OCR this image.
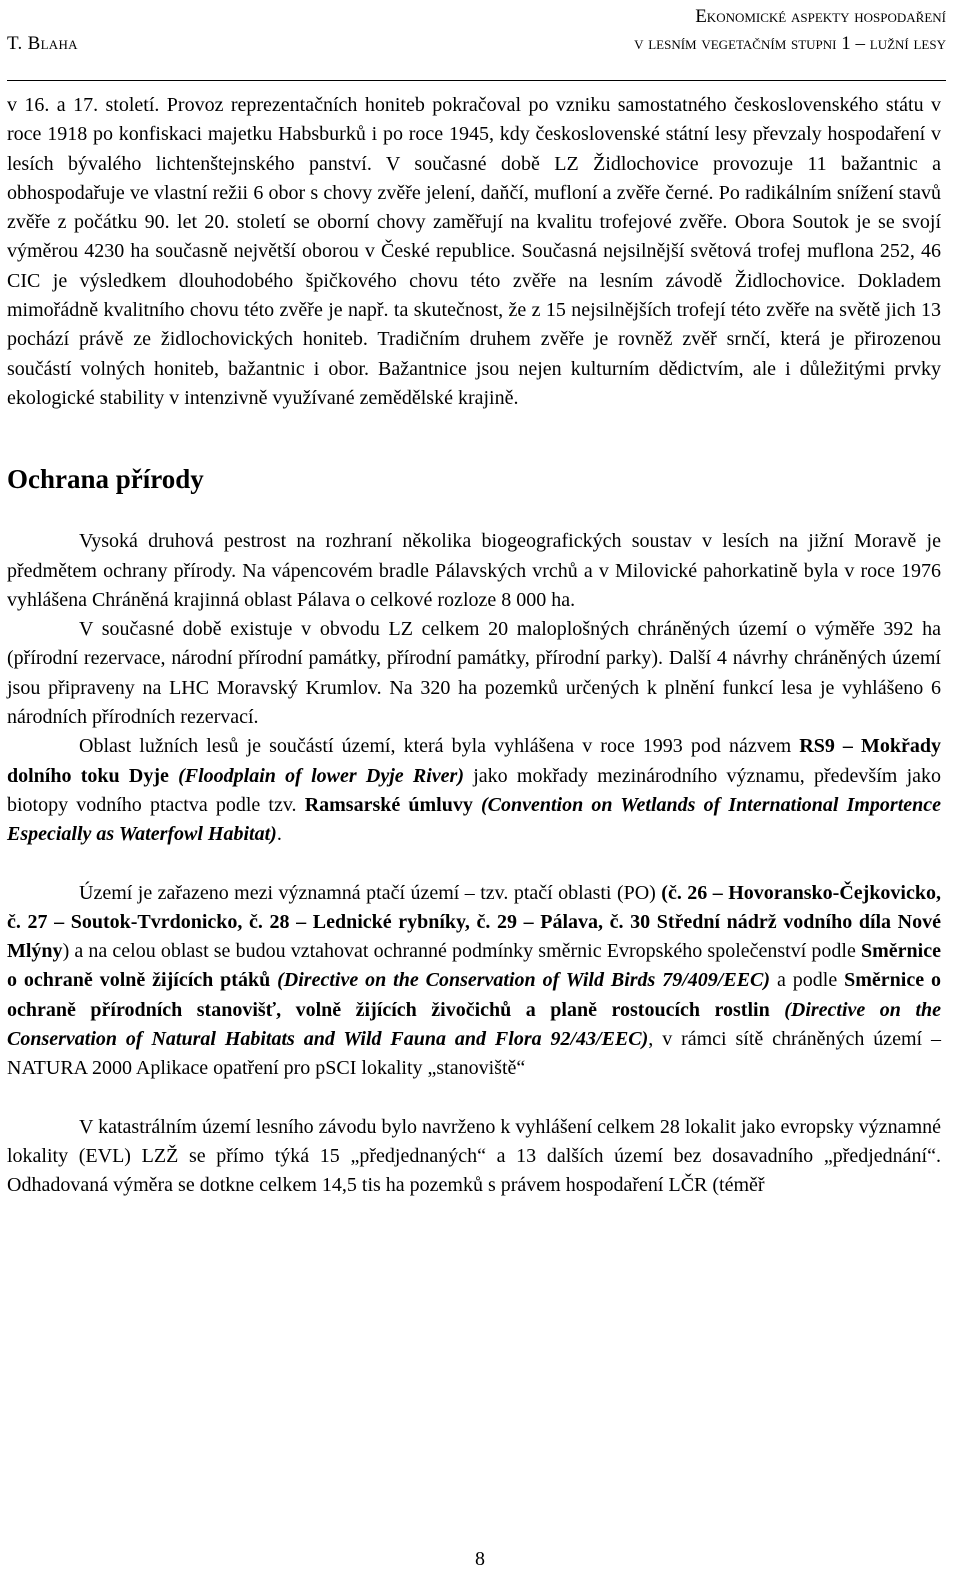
T. Blaha
Ekonomické aspekty hospodaření
v lesním vegetačním stupni 1 – lužní lesy

v 16. a 17. století. Provoz reprezentačních honiteb pokračoval po vzniku samostatného československého státu v roce 1918 po konfiskaci majetku Habsburků i po roce 1945, kdy československé státní lesy převzaly hospodaření v lesích bývalého lichtenštejnského panství. V současné době LZ Židlochovice provozuje 11 bažantnic a obhospodařuje ve vlastní režii 6 obor s chovy zvěře jelení, daňčí, mufloní a zvěře černé. Po radikálním snížení stavů zvěře z počátku 90. let 20. století se oborní chovy zaměřují na kvalitu trofejové zvěře. Obora Soutok je se svojí výměrou 4230 ha současně největší oborou v České republice. Současná nejsilnější světová trofej muflona 252, 46 CIC je výsledkem dlouhodobého špičkového chovu této zvěře na lesním závodě Židlochovice. Dokladem mimořádně kvalitního chovu této zvěře je např. ta skutečnost, že z 15 nejsilnějších trofejí této zvěře na světě jich 13 pochází právě ze židlochovických honiteb. Tradičním druhem zvěře je rovněž zvěř srnčí, která je přirozenou součástí volných honiteb, bažantnic i obor. Bažantnice jsou nejen kulturním dědictvím, ale i důležitými prvky ekologické stability v intenzivně využívané zemědělské krajině.

Ochrana přírody

Vysoká druhová pestrost na rozhraní několika biogeografických soustav v lesích na jižní Moravě je předmětem ochrany přírody. Na vápencovém bradle Pálavských vrchů a v Milovické pahorkatině byla v roce 1976 vyhlášena Chráněná krajinná oblast Pálava o celkové rozloze 8 000 ha.

V současné době existuje v obvodu LZ celkem 20 maloplošných chráněných území o výměře 392 ha (přírodní rezervace, národní přírodní památky, přírodní památky, přírodní parky). Další 4 návrhy chráněných území jsou připraveny na LHC Moravský Krumlov. Na 320 ha pozemků určených k plnění funkcí lesa je vyhlášeno 6 národních přírodních rezervací.

Oblast lužních lesů je součástí území, která byla vyhlášena v roce 1993 pod názvem RS9 – Mokřady dolního toku Dyje (Floodplain of lower Dyje River) jako mokřady mezinárodního významu, především jako biotopy vodního ptactva podle tzv. Ramsarské úmluvy (Convention on Wetlands of International Importence Especially as Waterfowl Habitat).

Území je zařazeno mezi významná ptačí území – tzv. ptačí oblasti (PO) (č. 26 – Hovoransko-Čejkovicko, č. 27 – Soutok-Tvrdonicko, č. 28 – Lednické rybníky, č. 29 – Pálava, č. 30 Střední nádrž vodního díla Nové Mlýny) a na celou oblast se budou vztahovat ochranné podmínky směrnic Evropského společenství podle Směrnice o ochraně volně žijících ptáků (Directive on the Conservation of Wild Birds 79/409/EEC) a podle Směrnice o ochraně přírodních stanovišť, volně žijících živočichů a planě rostoucích rostlin (Directive on the Conservation of Natural Habitats and Wild Fauna and Flora 92/43/EEC), v rámci sítě chráněných území – NATURA 2000 Aplikace opatření pro pSCI lokality „stanoviště“

V katastrálním území lesního závodu bylo navrženo k vyhlášení celkem 28 lokalit jako evropsky významné lokality (EVL) LZŽ se přímo týká 15 „předjednaných“ a 13 dalších území bez dosavadního „předjednání“. Odhadovaná výměra se dotkne celkem 14,5 tis ha pozemků s právem hospodaření LČR (téměř

8
